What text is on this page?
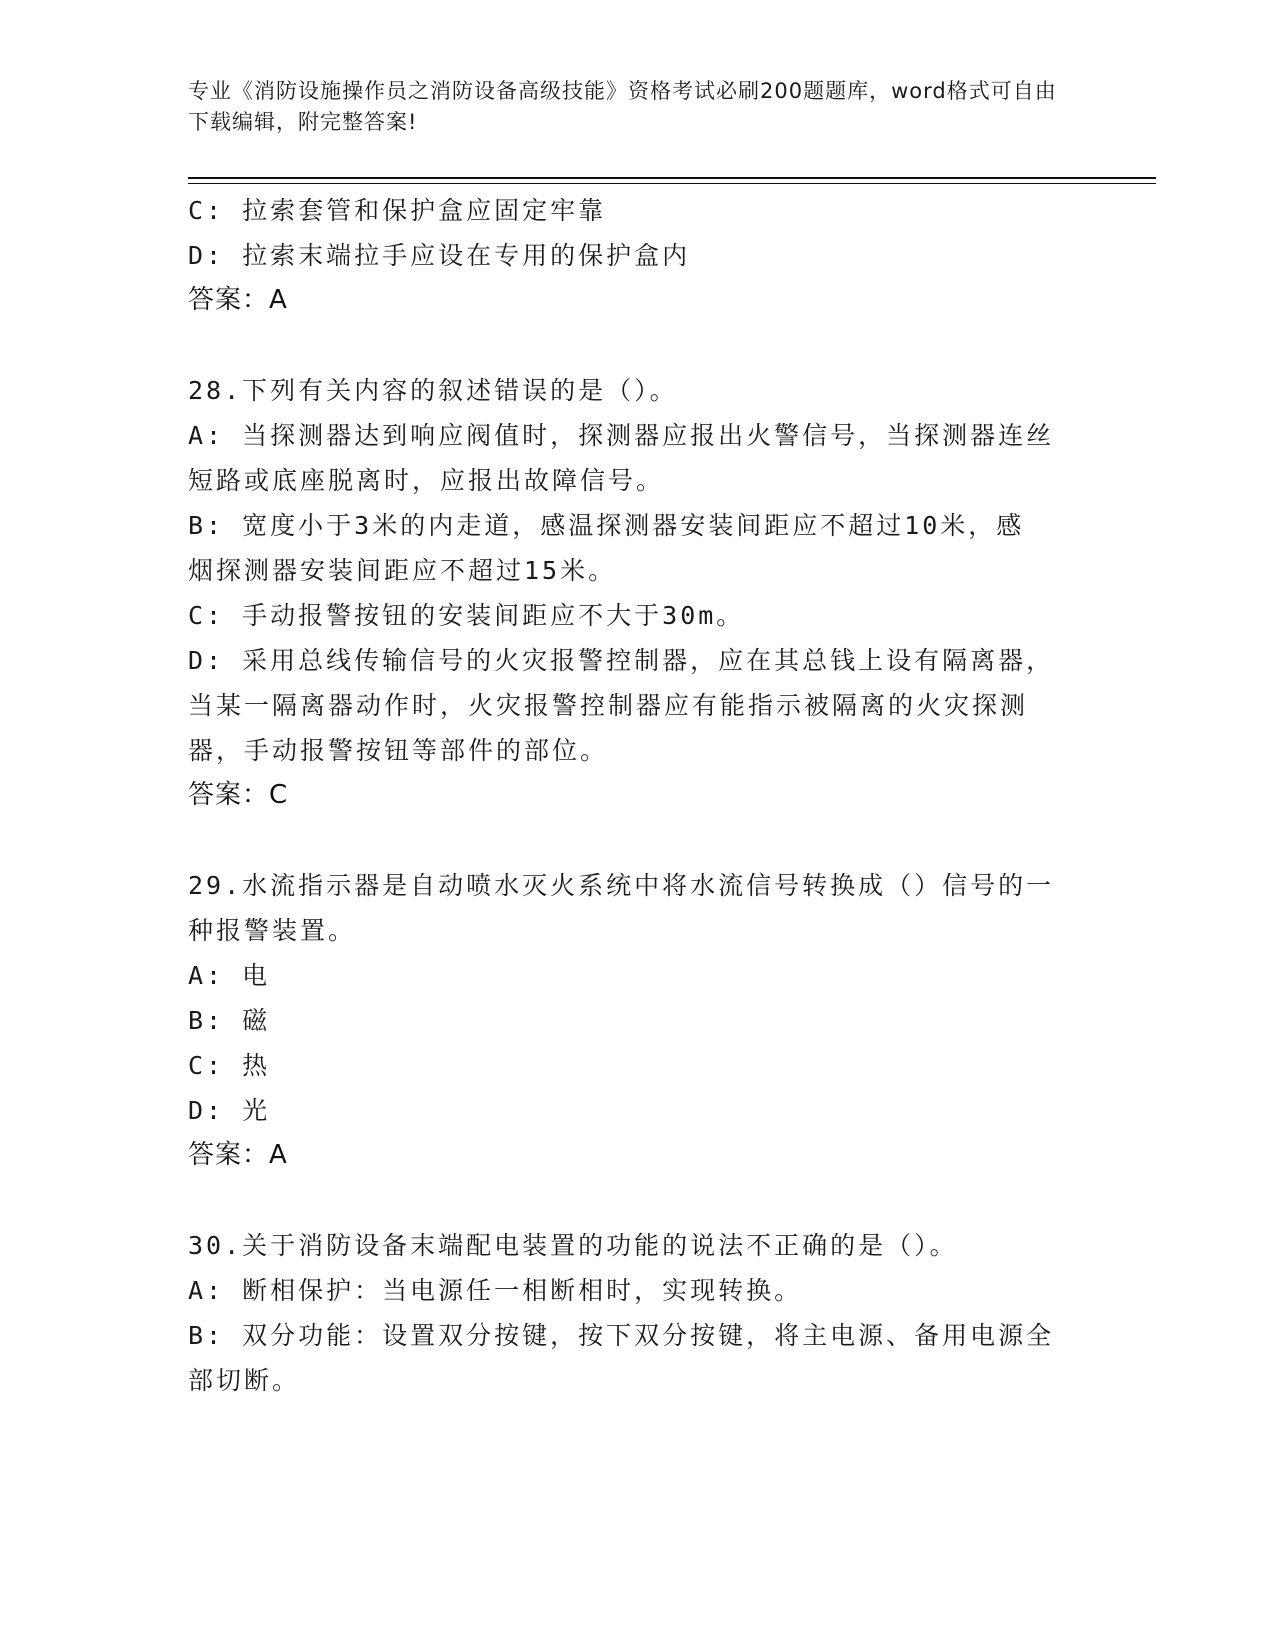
专业《消防设施操作员之消防设备高级技能》资格考试必刷200题题库，word格式可自由下载编辑，附完整答案!

C: 拉索套管和保护盒应固定牢靠

D: 拉索末端拉手应设在专用的保护盒内

答案：A

28.下列有关内容的叙述错误的是（）。

A: 当探测器达到响应阀值时，探测器应报出火警信号，当探测器连丝

短路或底座脱离时，应报出故障信号。

B: 宽度小于3米的内走道，感温探测器安装间距应不超过10米，感

烟探测器安装间距应不超过15米。

C: 手动报警按钮的安装间距应不大于30m。

D: 采用总线传输信号的火灾报警控制器，应在其总钱上设有隔离器，

当某一隔离器动作时，火灾报警控制器应有能指示被隔离的火灾探测

器，手动报警按钮等部件的部位。

答案：C

29.水流指示器是自动喷水灭火系统中将水流信号转换成（）信号的一

种报警装置。

A: 电

B: 磁

C: 热

D: 光

答案：A

30.关于消防设备末端配电装置的功能的说法不正确的是（）。

A: 断相保护：当电源任一相断相时，实现转换。

B: 双分功能：设置双分按键，按下双分按键，将主电源、备用电源全

部切断。
